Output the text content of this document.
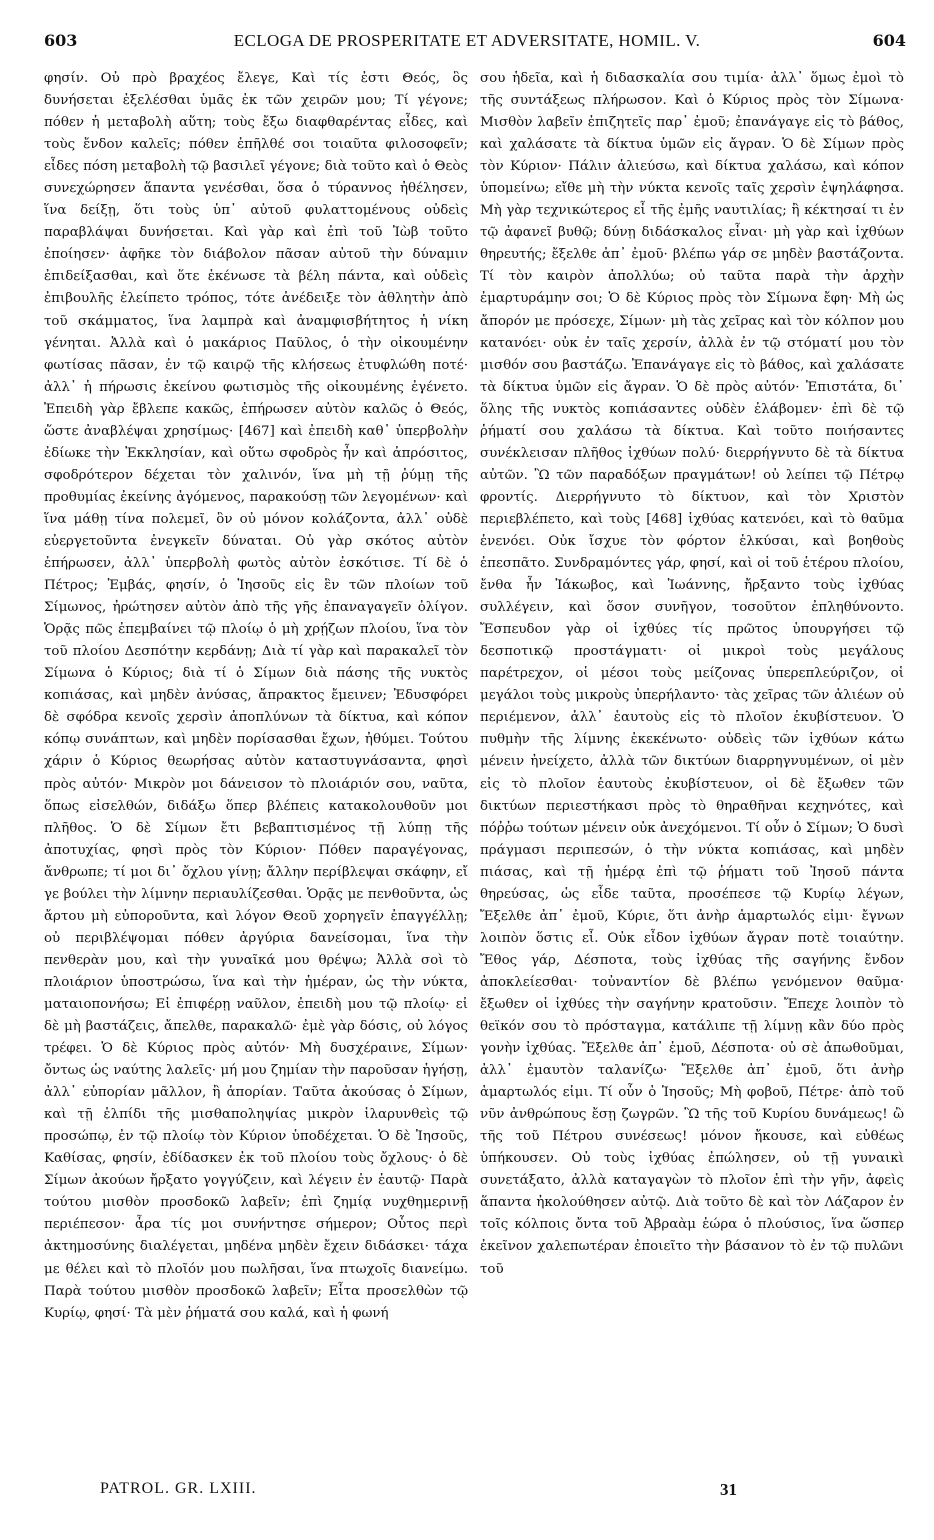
603	ECLOGA DE PROSPERITATE ET ADVERSITATE, HOMIL. V.	604

φησίν. Οὐ πρὸ βραχέος ἔλεγε, Καὶ τίς ἐστι Θεός, ὃς δυνήσεται ἐξελέσθαι ὑμᾶς ἐκ τῶν χειρῶν μου; Τί γέγονε; πόθεν ἡ μεταβολὴ αὕτη; τοὺς ἔξω διαφθαρέντας εἶδες, καὶ τοὺς ἔνδον καλεῖς; πόθεν ἐπῆλθέ σοι τοιαῦτα φιλοσοφεῖν; εἶδες πόση μεταβολὴ τῷ βασιλεῖ γέγονε; διὰ τοῦτο καὶ ὁ Θεὸς συνεχώρησεν ἅπαντα γενέσθαι, ὅσα ὁ τύραννος ἠθέλησεν, ἵνα δείξῃ, ὅτι τοὺς ὑπ᾽ αὐτοῦ φυλαττομένους οὐδεὶς παραβλάψαι δυνήσεται. Καὶ γὰρ καὶ ἐπὶ τοῦ Ἰὼβ τοῦτο ἐποίησεν· ἀφῆκε τὸν διάβολον πᾶσαν αὐτοῦ τὴν δύναμιν ἐπιδείξασθαι, καὶ ὅτε ἐκένωσε τὰ βέλη πάντα, καὶ οὐδεὶς ἐπιβουλῆς ἐλείπετο τρόπος, τότε ἀνέδειξε τὸν ἀθλητὴν ἀπὸ τοῦ σκάμματος, ἵνα λαμπρὰ καὶ ἀναμφισβήτητος ἡ νίκη γένηται. Ἀλλὰ καὶ ὁ μακάριος Παῦλος, ὁ τὴν οἰκουμένην φωτίσας πᾶσαν, ἐν τῷ καιρῷ τῆς κλήσεως ἐτυφλώθη ποτέ· ἀλλ᾽ ἡ πήρωσις ἐκείνου φωτισμὸς τῆς οἰκουμένης ἐγένετο. Ἐπειδὴ γὰρ ἔβλεπε κακῶς, ἐπήρωσεν αὐτὸν καλῶς ὁ Θεός, ὥστε ἀναβλέψαι χρησίμως· [467] καὶ ἐπειδὴ καθ᾽ ὑπερβολὴν ἐδίωκε τὴν Ἐκκλησίαν, καὶ οὕτω σφοδρὸς ἦν καὶ ἀπρόσιτος, σφοδρότερον δέχεται τὸν χαλινόν, ἵνα μὴ τῇ ῥύμῃ τῆς προθυμίας ἐκείνης ἀγόμενος, παρακούσῃ τῶν λεγομένων· καὶ ἵνα μάθῃ τίνα πολεμεῖ, ὃν οὐ μόνον κολάζοντα, ἀλλ᾽ οὐδὲ εὐεργετοῦντα ἐνεγκεῖν δύναται. Οὐ γὰρ σκότος αὐτὸν ἐπήρωσεν, ἀλλ᾽ ὑπερβολὴ φωτὸς αὐτὸν ἐσκότισε. Τί δὲ ὁ Πέτρος; Ἐμβάς, φησίν, ὁ Ἰησοῦς εἰς ἓν τῶν πλοίων τοῦ Σίμωνος, ἠρώτησεν αὐτὸν ἀπὸ τῆς γῆς ἐπαναγαγεῖν ὀλίγον. Ὁρᾷς πῶς ἐπεμβαίνει τῷ πλοίῳ ὁ μὴ χρῄζων πλοίου, ἵνα τὸν τοῦ πλοίου Δεσπότην κερδάνῃ; Διὰ τί γὰρ καὶ παρακαλεῖ τὸν Σίμωνα ὁ Κύριος; διὰ τί ὁ Σίμων διὰ πάσης τῆς νυκτὸς κοπιάσας, καὶ μηδὲν ἀνύσας, ἄπρακτος ἔμεινεν; Ἐδυσφόρει δὲ σφόδρα κενοῖς χερσὶν ἀποπλύνων τὰ δίκτυα, καὶ κόπον κόπῳ συνάπτων, καὶ μηδὲν πορίσασθαι ἔχων, ἠθύμει. Τούτου χάριν ὁ Κύριος θεωρήσας αὐτὸν καταστυγνάσαντα, φησὶ πρὸς αὐτόν· Μικρὸν μοι δάνεισον τὸ πλοιάριόν σου, ναῦτα, ὅπως εἰσελθών, διδάξω ὅπερ βλέπεις κατακολουθοῦν μοι πλῆθος. Ὁ δὲ Σίμων ἔτι βεβαπτισμένος τῇ λύπῃ τῆς ἀποτυχίας, φησὶ πρὸς τὸν Κύριον· Πόθεν παραγέγονας, ἄνθρωπε; τί μοι δι᾽ ὄχλου γίνῃ; ἄλλην περίβλεψαι σκάφην, εἴ γε βούλει τὴν λίμνην περιαυλίζεσθαι. Ὁρᾷς με πενθοῦντα, ὡς ἄρτου μὴ εὐποροῦντα, καὶ λόγον Θεοῦ χορηγεῖν ἐπαγγέλλῃ; οὐ περιβλέψομαι πόθεν ἀργύρια δανείσομαι, ἵνα τὴν πενθερὰν μου, καὶ τὴν γυναῖκά μου θρέψω; Ἀλλὰ σοὶ τὸ πλοιάριον ὑποστρώσω, ἵνα καὶ τὴν ἡμέραν, ὡς τὴν νύκτα, ματαιοπονήσω; Εἰ ἐπιφέρῃ ναῦλον, ἐπειδὴ μου τῷ πλοίῳ· εἰ δὲ μὴ βαστάζεις, ἄπελθε, παρακαλῶ· ἐμὲ γὰρ δόσις, οὐ λόγος τρέφει. Ὁ δὲ Κύριος πρὸς αὐτόν· Μὴ δυσχέραινε, Σίμων· ὄντως ὡς ναύτης λαλεῖς· μή μου ζημίαν τὴν παροῦσαν ἡγήσῃ, ἀλλ᾽ εὐπορίαν μᾶλλον, ἢ ἀπορίαν. Ταῦτα ἀκούσας ὁ Σίμων, καὶ τῇ ἐλπίδι τῆς μισθαποληψίας μικρὸν ἱλαρυνθεὶς τῷ προσώπῳ, ἐν τῷ πλοίῳ τὸν Κύριον ὑποδέχεται. Ὁ δὲ Ἰησοῦς, Καθίσας, φησίν, ἐδίδασκεν ἐκ τοῦ πλοίου τοὺς ὄχλους· ὁ δὲ Σίμων ἀκούων ἤρξατο γογγύζειν, καὶ λέγειν ἐν ἑαυτῷ· Παρὰ τούτου μισθὸν προσδοκῶ λαβεῖν; ἐπὶ ζημίᾳ νυχθημερινῇ περιέπεσον· ἆρα τίς μοι συνήντησε σήμερον; Οὗτος περὶ ἀκτημοσύνης διαλέγεται, μηδένα μηδὲν ἔχειν διδάσκει· τάχα με θέλει καὶ τὸ πλοῖόν μου πωλῆσαι, ἵνα πτωχοῖς διανείμω. Παρὰ τούτου μισθὸν προσδοκῶ λαβεῖν; Εἶτα προσελθὼν τῷ Κυρίῳ, φησί· Τὰ μὲν ῥήματά σου καλά, καὶ ἡ φωνή

σου ἡδεῖα, καὶ ἡ διδασκαλία σου τιμία· ἀλλ᾽ ὅμως ἐμοὶ τὸ τῆς συντάξεως πλήρωσον. Καὶ ὁ Κύριος πρὸς τὸν Σίμωνα· Μισθὸν λαβεῖν ἐπιζητεῖς παρ᾽ ἐμοῦ; ἐπανάγαγε εἰς τὸ βάθος, καὶ χαλάσατε τὰ δίκτυα ὑμῶν εἰς ἄγραν. Ὁ δὲ Σίμων πρὸς τὸν Κύριον· Πάλιν ἁλιεύσω, καὶ δίκτυα χαλάσω, καὶ κόπον ὑπομείνω; εἴθε μὴ τὴν νύκτα κενοῖς ταῖς χερσὶν ἐψηλάφησα. Μὴ γὰρ τεχνικώτερος εἶ τῆς ἐμῆς ναυτιλίας; ἢ κέκτησαί τι ἐν τῷ ἀφανεῖ βυθῷ; δύνῃ διδάσκαλος εἶναι· μὴ γὰρ καὶ ἰχθύων θηρευτής; ἔξελθε ἀπ᾽ ἐμοῦ· βλέπω γάρ σε μηδὲν βαστάζοντα. Τί τὸν καιρὸν ἀπολλύω; οὐ ταῦτα παρὰ τὴν ἀρχὴν ἐμαρτυράμην σοι; Ὁ δὲ Κύριος πρὸς τὸν Σίμωνα ἔφη· Μὴ ὡς ἄπορόν με πρόσεχε, Σίμων· μὴ τὰς χεῖρας καὶ τὸν κόλπον μου κατανόει· οὐκ ἐν ταῖς χερσίν, ἀλλὰ ἐν τῷ στόματί μου τὸν μισθόν σου βαστάζω. Ἐπανάγαγε εἰς τὸ βάθος, καὶ χαλάσατε τὰ δίκτυα ὑμῶν εἰς ἄγραν. Ὁ δὲ πρὸς αὐτόν· Ἐπιστάτα, δι᾽ ὅλης τῆς νυκτὸς κοπιάσαντες οὐδὲν ἐλάβομεν· ἐπὶ δὲ τῷ ῥήματί σου χαλάσω τὰ δίκτυα. Καὶ τοῦτο ποιήσαντες συνέκλεισαν πλῆθος ἰχθύων πολύ· διερρήγνυτο δὲ τὰ δίκτυα αὐτῶν. Ὢ τῶν παραδόξων πραγμάτων! οὐ λείπει τῷ Πέτρῳ φροντίς. Διερρήγνυτο τὸ δίκτυον, καὶ τὸν Χριστὸν περιεβλέπετο, καὶ τοὺς [468] ἰχθύας κατενόει, καὶ τὸ θαῦμα ἐνενόει. Οὐκ ἴσχυε τὸν φόρτον ἑλκύσαι, καὶ βοηθοὺς ἐπεσπᾶτο. Συνδραμόντες γάρ, φησί, καὶ οἱ τοῦ ἑτέρου πλοίου, ἔνθα ἦν Ἰάκωβος, καὶ Ἰωάννης, ἤρξαντο τοὺς ἰχθύας συλλέγειν, καὶ ὅσον συνῆγον, τοσοῦτον ἐπληθύνοντο. Ἔσπευδον γὰρ οἱ ἰχθύες τίς πρῶτος ὑπουργήσει τῷ δεσποτικῷ προστάγματι· οἱ μικροὶ τοὺς μεγάλους παρέτρεχον, οἱ μέσοι τοὺς μείζονας ὑπερεπλεύριζον, οἱ μεγάλοι τοὺς μικροὺς ὑπερήλαντο· τὰς χεῖρας τῶν ἁλιέων οὐ περιέμενον, ἀλλ᾽ ἑαυτοὺς εἰς τὸ πλοῖον ἐκυβίστευον. Ὁ πυθμὴν τῆς λίμνης ἐκεκένωτο· οὐδεὶς τῶν ἰχθύων κάτω μένειν ἠνείχετο, ἀλλὰ τῶν δικτύων διαρρηγνυμένων, οἱ μὲν εἰς τὸ πλοῖον ἑαυτοὺς ἐκυβίστευον, οἱ δὲ ἔξωθεν τῶν δικτύων περιεστήκασι πρὸς τὸ θηραθῆναι κεχηνότες, καὶ πόῤῥω τούτων μένειν οὐκ ἀνεχόμενοι. Τί οὖν ὁ Σίμων; Ὁ δυσὶ πράγμασι περιπεσών, ὁ τὴν νύκτα κοπιάσας, καὶ μηδὲν πιάσας, καὶ τῇ ἡμέρᾳ ἐπὶ τῷ ῥήματι τοῦ Ἰησοῦ πάντα θηρεύσας, ὡς εἶδε ταῦτα, προσέπεσε τῷ Κυρίῳ λέγων, Ἔξελθε ἀπ᾽ ἐμοῦ, Κύριε, ὅτι ἀνὴρ ἁμαρτωλός εἰμι· ἔγνων λοιπὸν ὅστις εἶ. Οὐκ εἶδον ἰχθύων ἄγραν ποτὲ τοιαύτην. Ἔθος γάρ, Δέσποτα, τοὺς ἰχθύας τῆς σαγήνης ἔνδον ἀποκλείεσθαι· τοὐναντίον δὲ βλέπω γενόμενον θαῦμα· ἔξωθεν οἱ ἰχθύες τὴν σαγήνην κρατοῦσιν. Ἔπεχε λοιπὸν τὸ θεϊκόν σου τὸ πρόσταγμα, κατάλιπε τῇ λίμνῃ κἂν δύο πρὸς γονὴν ἰχθύας. Ἔξελθε ἀπ᾽ ἐμοῦ, Δέσποτα· οὐ σὲ ἀπωθοῦμαι, ἀλλ᾽ ἐμαυτὸν ταλανίζω· Ἔξελθε ἀπ᾽ ἐμοῦ, ὅτι ἀνὴρ ἁμαρτωλός εἰμι. Τί οὖν ὁ Ἰησοῦς; Μὴ φοβοῦ, Πέτρε· ἀπὸ τοῦ νῦν ἀνθρώπους ἔσῃ ζωγρῶν. Ὢ τῆς τοῦ Κυρίου δυνάμεως! ὢ τῆς τοῦ Πέτρου συνέσεως! μόνον ἤκουσε, καὶ εὐθέως ὑπήκουσεν. Οὐ τοὺς ἰχθύας ἐπώλησεν, οὐ τῇ γυναικὶ συνετάξατο, ἀλλὰ καταγαγὼν τὸ πλοῖον ἐπὶ τὴν γῆν, ἀφεὶς ἅπαντα ἠκολούθησεν αὐτῷ. Διὰ τοῦτο δὲ καὶ τὸν Λάζαρον ἐν τοῖς κόλποις ὄντα τοῦ Ἀβραὰμ ἑώρα ὁ πλούσιος, ἵνα ὥσπερ ἐκεῖνον χαλεπωτέραν ἐποιεῖτο τὴν βάσανον τὸ ἐν τῷ πυλῶνι τοῦ

PATROL. GR. LXIII.	31
